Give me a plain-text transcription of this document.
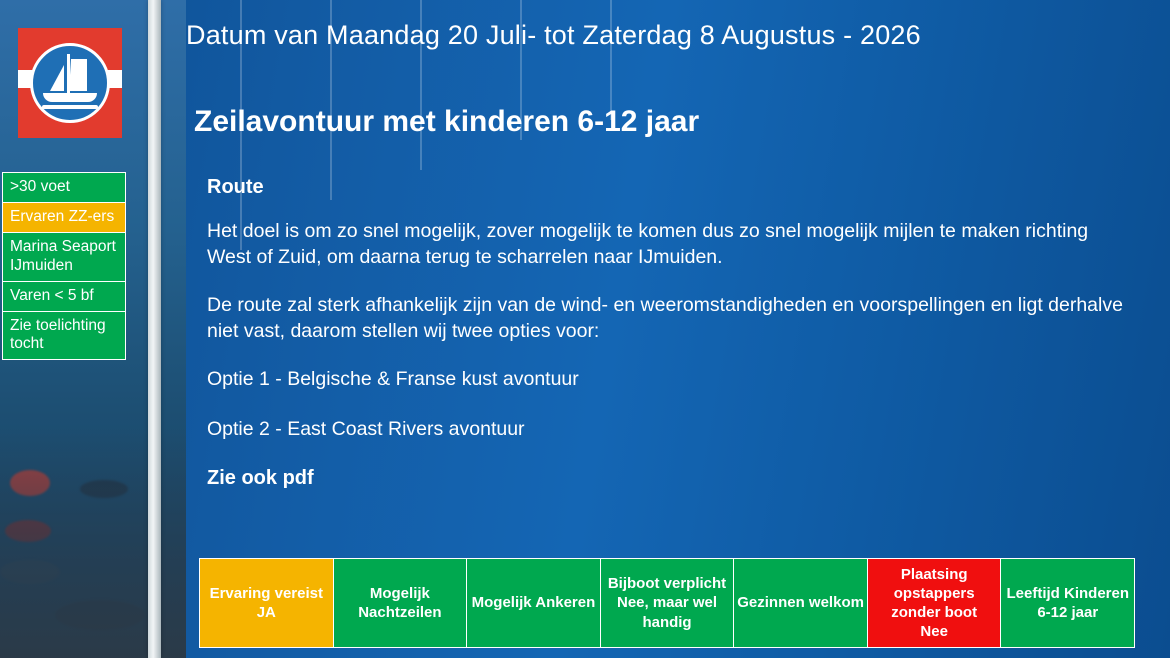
Datum van Maandag 20 Juli- tot Zaterdag 8 Augustus - 2026
Zeilavontuur met kinderen 6-12 jaar
>30 voet
Ervaren ZZ-ers
Marina Seaport IJmuiden
Varen < 5 bf
Zie toelichting tocht

Route

Het doel is om zo snel mogelijk, zover mogelijk te komen dus zo snel mogelijk mijlen te maken richting West of Zuid, om daarna terug te scharrelen naar IJmuiden.

De route zal sterk afhankelijk zijn van de wind- en weeromstandigheden en voorspellingen en ligt derhalve niet vast, daarom stellen wij twee opties voor:

Optie 1 - Belgische & Franse kust avontuur

Optie 2 - East Coast Rivers avontuur

Zie ook pdf

Ervaring vereist
JA
Mogelijk Nachtzeilen
Mogelijk Ankeren
Bijboot verplicht
Nee, maar wel handig
Gezinnen welkom
Plaatsing opstappers zonder boot
Nee
Leeftijd Kinderen
6-12 jaar
